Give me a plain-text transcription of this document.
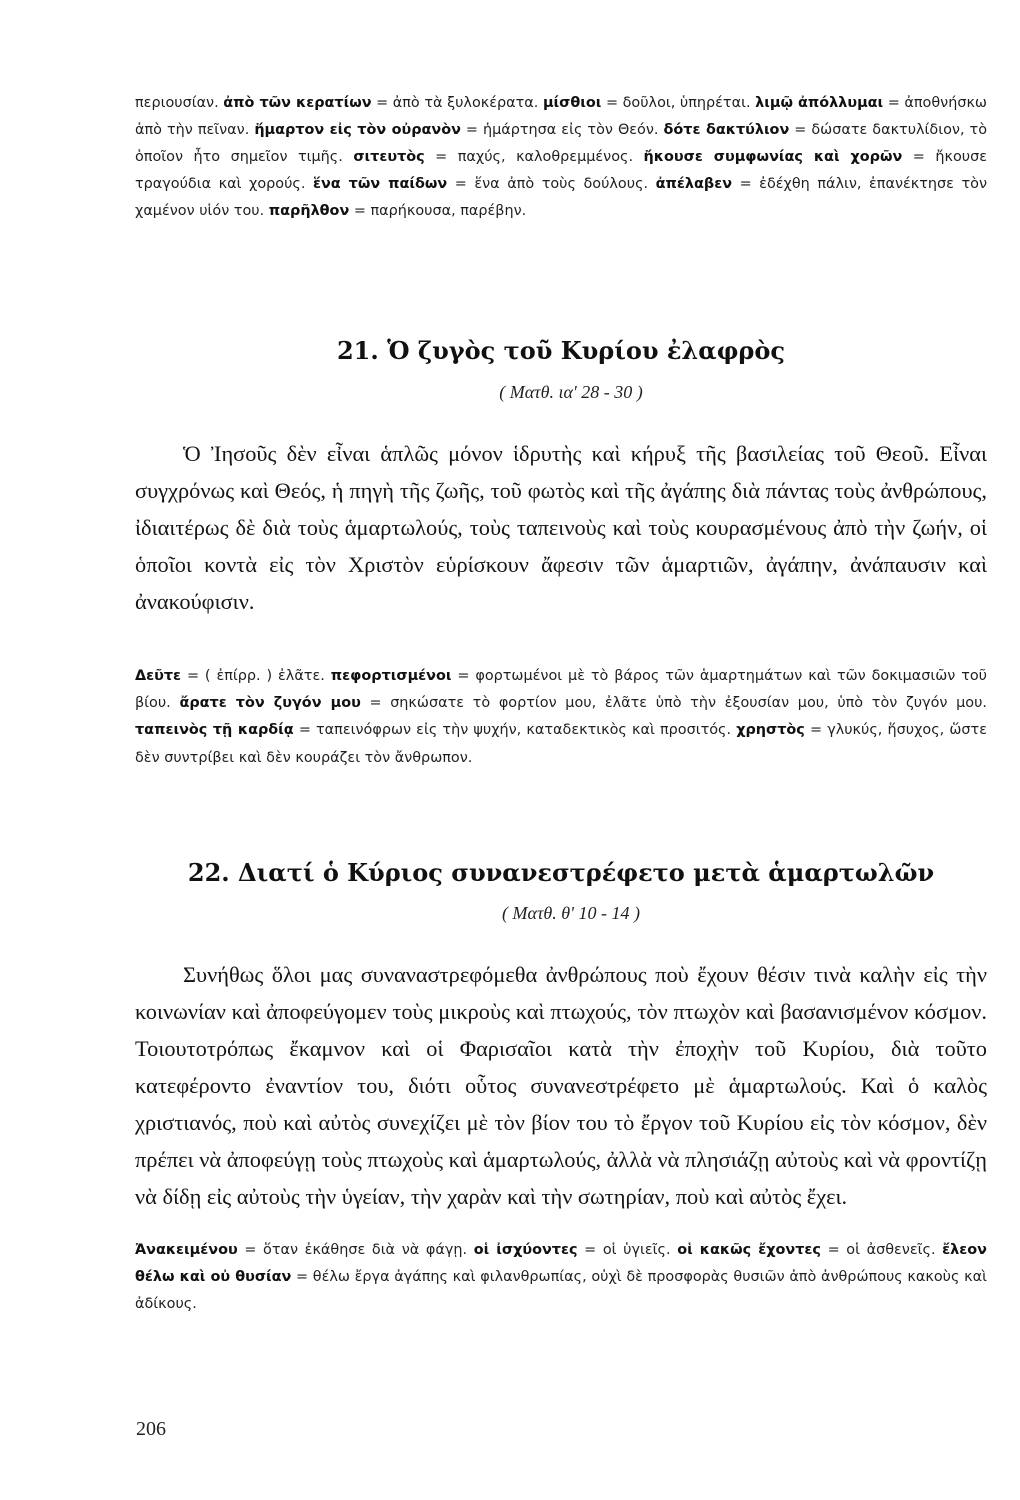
περιουσίαν. ἀπὸ τῶν κερατίων = ἀπὸ τὰ ξυλοκέρατα. μίσθιοι = δοῦλοι, ὑπηρέται. λιμῷ ἀπόλλυμαι = ἀποθνήσκω ἀπὸ τὴν πεῖναν. ἥμαρτον εἰς τὸν οὐρανὸν = ἡμάρτησα εἰς τὸν Θεόν. δότε δακτύλιον = δώσατε δακτυλίδιον, τὸ ὁποῖον ἦτο σημεῖον τιμῆς. σιτευτὸς = παχύς, καλοθρεμμένος. ἤκουσε συμφωνίας καὶ χορῶν = ἤκουσε τραγούδια καὶ χορούς. ἕνα τῶν παίδων = ἕνα ἀπὸ τοὺς δούλους. ἀπέλαβεν = ἐδέχθη πάλιν, ἐπανέκτησε τὸν χαμένον υἱόν του. παρῆλθον = παρήκουσα, παρέβην.

21. Ὁ ζυγὸς τοῦ Κυρίου ἐλαφρὸς

( Ματθ. ια' 28 - 30 )

Ὁ Ἰησοῦς δὲν εἶναι ἁπλῶς μόνον ἱδρυτὴς καὶ κήρυξ τῆς βασιλείας τοῦ Θεοῦ. Εἶναι συγχρόνως καὶ Θεός, ἡ πηγὴ τῆς ζωῆς, τοῦ φωτὸς καὶ τῆς ἀγάπης διὰ πάντας τοὺς ἀνθρώπους, ἰδιαιτέρως δὲ διὰ τοὺς ἁμαρτωλούς, τοὺς ταπεινοὺς καὶ τοὺς κουρασμένους ἀπὸ τὴν ζωήν, οἱ ὁποῖοι κοντὰ εἰς τὸν Χριστὸν εὑρίσκουν ἄφεσιν τῶν ἁμαρτιῶν, ἀγάπην, ἀνάπαυσιν καὶ ἀνακούφισιν.

Δεῦτε = ( ἐπίρρ. ) ἐλᾶτε. πεφορτισμένοι = φορτωμένοι μὲ τὸ βάρος τῶν ἁμαρτημάτων καὶ τῶν δοκιμασιῶν τοῦ βίου. ἄρατε τὸν ζυγόν μου = σηκώσατε τὸ φορτίον μου, ἐλᾶτε ὑπὸ τὴν ἐξουσίαν μου, ὑπὸ τὸν ζυγόν μου. ταπεινὸς τῇ καρδίᾳ = ταπεινόφρων εἰς τὴν ψυχήν, καταδεκτικὸς καὶ προσιτός. χρηστὸς = γλυκύς, ἥσυχος, ὥστε δὲν συντρίβει καὶ δὲν κουράζει τὸν ἄνθρωπον.

22. Διατί ὁ Κύριος συνανεστρέφετο μετὰ ἁμαρτωλῶν

( Ματθ. θ' 10 - 14 )

Συνήθως ὅλοι μας συναναστρεφόμεθα ἀνθρώπους ποὺ ἔχουν θέσιν τινὰ καλὴν εἰς τὴν κοινωνίαν καὶ ἀποφεύγομεν τοὺς μικροὺς καὶ πτωχούς, τὸν πτωχὸν καὶ βασανισμένον κόσμον. Τοιουτοτρόπως ἔκαμνον καὶ οἱ Φαρισαῖοι κατὰ τὴν ἐποχὴν τοῦ Κυρίου, διὰ τοῦτο κατεφέροντο ἐναντίον του, διότι οὗτος συνανεστρέφετο μὲ ἁμαρτωλούς. Καὶ ὁ καλὸς χριστιανός, ποὺ καὶ αὐτὸς συνεχίζει μὲ τὸν βίον του τὸ ἔργον τοῦ Κυρίου εἰς τὸν κόσμον, δὲν πρέπει νὰ ἀποφεύγῃ τοὺς πτωχοὺς καὶ ἁμαρτωλούς, ἀλλὰ νὰ πλησιάζῃ αὐτοὺς καὶ νὰ φροντίζῃ νὰ δίδῃ εἰς αὐτοὺς τὴν ὑγείαν, τὴν χαρὰν καὶ τὴν σωτηρίαν, ποὺ καὶ αὐτὸς ἔχει.

Ἀνακειμένου = ὅταν ἐκάθησε διὰ νὰ φάγῃ. οἱ ἰσχύοντες = οἱ ὑγιεῖς. οἱ κακῶς ἔχοντες = οἱ ἀσθενεῖς. ἔλεον θέλω καὶ οὐ θυσίαν = θέλω ἔργα ἀγάπης καὶ φιλανθρωπίας, οὐχὶ δὲ προσφορὰς θυσιῶν ἀπὸ ἀνθρώπους κακοὺς καὶ ἀδίκους.

206
